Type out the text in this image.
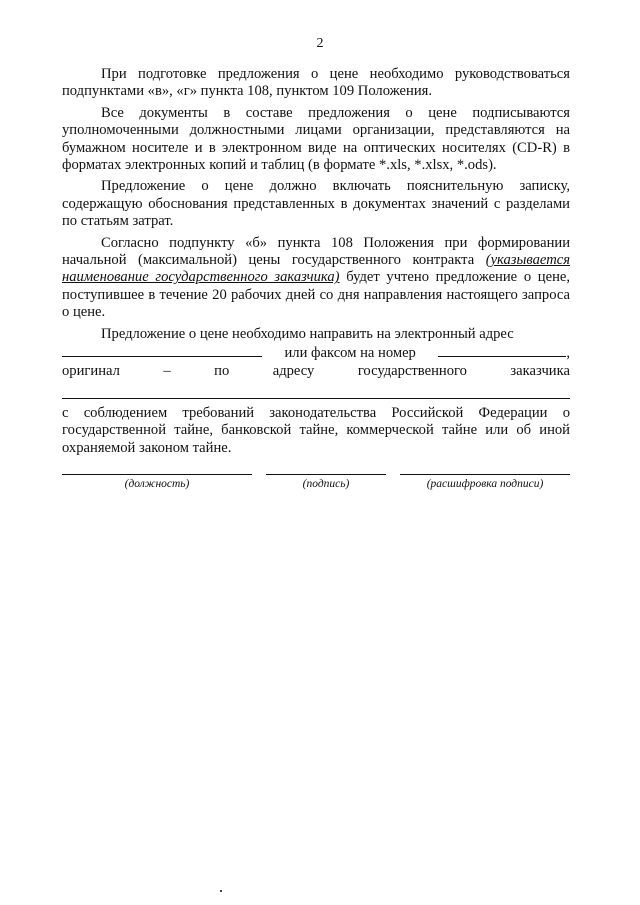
2

При подготовке предложения о цене необходимо руководствоваться подпунктами «в», «г» пункта 108, пунктом 109 Положения.

Все документы в составе предложения о цене подписываются уполномоченными должностными лицами организации, представляются на бумажном носителе и в электронном виде на оптических носителях (CD-R) в форматах электронных копий и таблиц (в формате *.xls, *.xlsx, *.ods).

Предложение о цене должно включать пояснительную записку, содержащую обоснования представленных в документах значений с разделами по статьям затрат.

Согласно подпункту «б» пункта 108 Положения при формировании начальной (максимальной) цены государственного контракта (указывается наименование государственного заказчика) будет учтено предложение о цене, поступившее в течение 20 рабочих дней со дня направления настоящего запроса о цене.

Предложение о цене необходимо направить на электронный адрес

или факсом на номер	,
оригинал	–	по	адресу	государственного	заказчика

с соблюдением требований законодательства Российской Федерации о государственной тайне, банковской тайне, коммерческой тайне или об иной охраняемой законом тайне.

(должность)	(подпись)	(расшифровка подписи)
